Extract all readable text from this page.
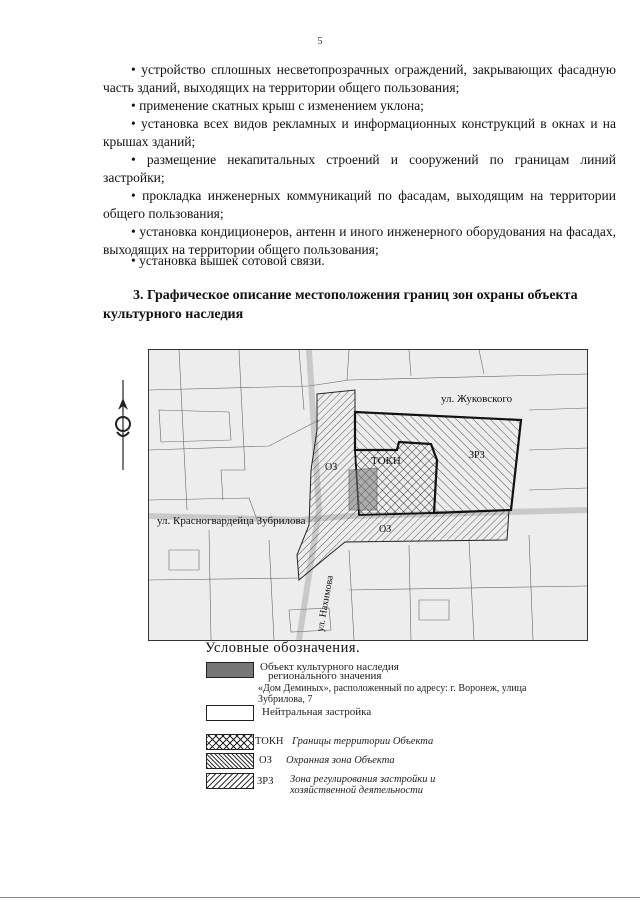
5

• устройство сплошных несветопрозрачных ограждений, закрывающих фасадную часть зданий, выходящих на территории общего пользования;

• применение скатных крыш с изменением уклона;

• установка всех видов рекламных и информационных конструкций в окнах и на крышах зданий;

• размещение некапитальных строений и сооружений по границам линий застройки;

• прокладка инженерных коммуникаций по фасадам, выходящим на территории общего пользования;

• установка кондиционеров, антенн и иного инженерного оборудования на фасадах, выходящих на территории общего пользования;

• установка вышек сотовой связи.

3. Графическое описание местоположения границ зон охраны объекта культурного наследия

ул. Жуковского
ул. Красногвардейца Зубрилова
ул. Нахимова
ТОКН	ЗРЗ
ОЗ
ОЗ
Условные обозначения.
Объект культурного наследия
регионального значения
«Дом Деминых», расположенный по адресу: г. Воронеж, улица
Зубрилова, 7
Нейтральная застройка
ТОКН Границы территории Объекта
ОЗ Охранная зона Объекта
ЗРЗ Зона регулирования застройки и
хозяйственной деятельности
